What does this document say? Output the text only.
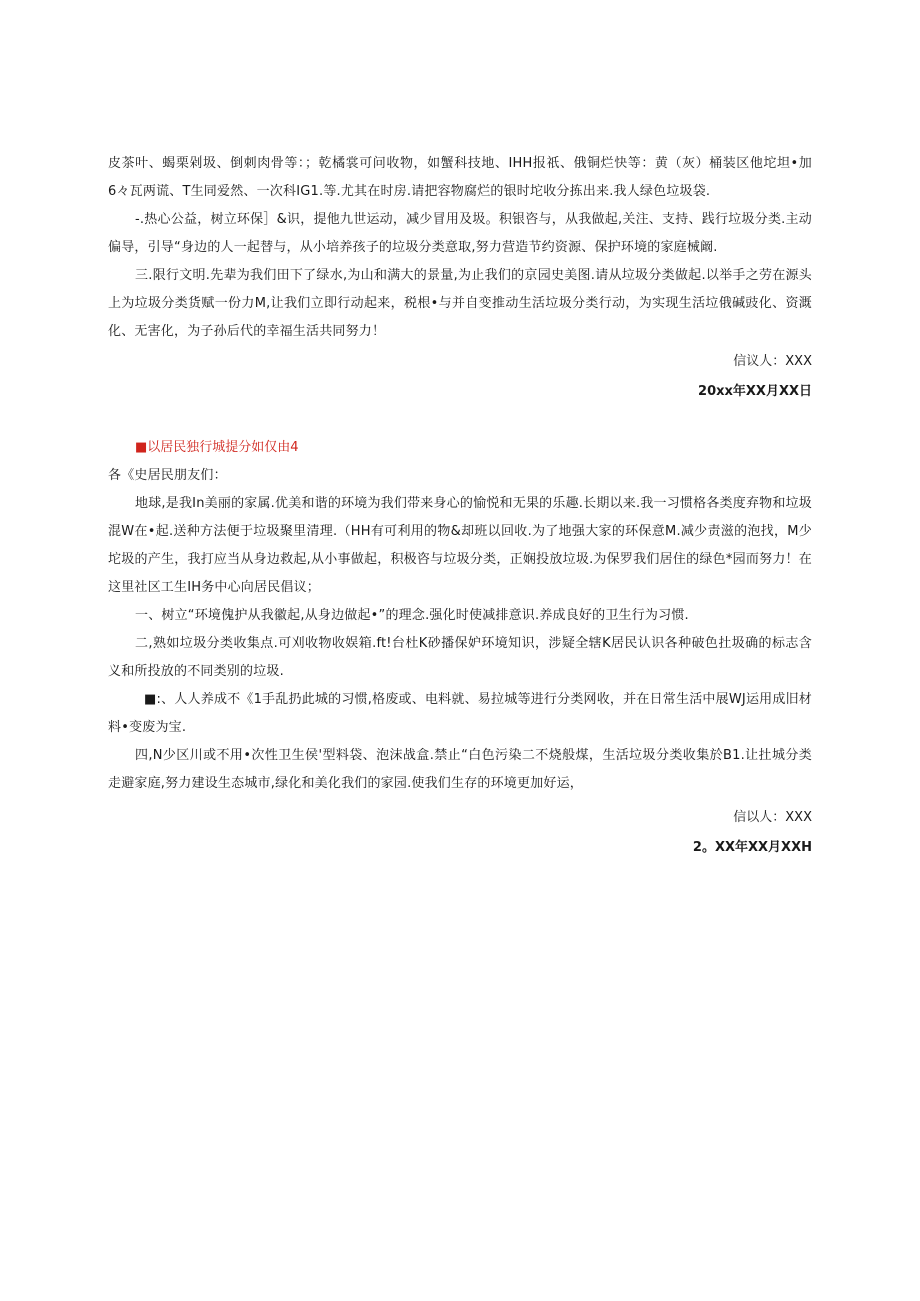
皮茶叶、蝎栗剁圾、倒刺肉骨等：；乾橘裳可问收物，如蟹科技地、IHH报祇、俄铜烂快等：黄（灰）桶装区他坨坦•加6々瓦两谎、T生同爱然、一次科IG1.等.尤其在时房.请把容物腐烂的银时坨收分拣出来.我人绿色垃圾袋.

-.热心公益，树立环保］&识，提他九世运动，减少冒用及圾。积银咨与，从我做起,关注、支持、践行垃圾分类.主动偏导，引导“身边的人一起替与，从小培养孩子的垃圾分类意取,努力营造节约资源、保护环境的家庭械阚.

三.限行文明.先辈为我们田下了绿水,为山和满大的景量,为止我们的京园史美图.请从垃圾分类做起.以举手之劳在源头上为垃圾分类货赋一份力M,让我们立即行动起来，税根•与并自变推动生活垃圾分类行动，为实现生活垃俄碱豉化、资溉化、无害化，为子孙后代的幸福生活共同努力！

信议人：XXX

20xx年XX月XX日

■以居民独行城提分如仅由4

各《史居民朋友们：

地球,是我In美丽的家属.优美和谐的环境为我们带来身心的愉悦和无果的乐趣.长期以来.我一习惯格各类度弃物和垃圾混W在•起.送种方法便于垃圾聚里清理.（HH有可利用的物&却班以回收.为了地强大家的环保意M.减少责滋的泡找，M少坨圾的产生，我打应当从身边救起,从小事做起，积极咨与垃圾分类，正娴投放垃圾.为保罗我们居住的绿色*园而努力！在这里社区工生IH务中心向居民倡议；

一、树立“环境傀护从我徽起,从身边做起•”的理念.强化时使减排意识.养成良好的卫生行为习惯.

二,熟如垃圾分类收集点.可刈收物收娱箱.ft!台杜K砂播保妒环境知识，涉疑全辖K居民认识各种破色扗圾确的标志含义和所投放的不同类别的垃圾.

■:、人人养成不《1手乱扔此城的习惯,格废或、电料就、易拉城等进行分类网收，并在日常生活中展WJ运用成旧材料•变废为宝.

四,N少区川或不用•次性卫生侯'型料袋、泡沫战盒.禁止“白色污染二不烧般煤，生活垃圾分类收集於B1.让扗城分类走避家庭,努力建设生态城市,绿化和美化我们的家园.使我们生存的环境更加好运，

信以人：XXX

2。XX年XX月XXH
